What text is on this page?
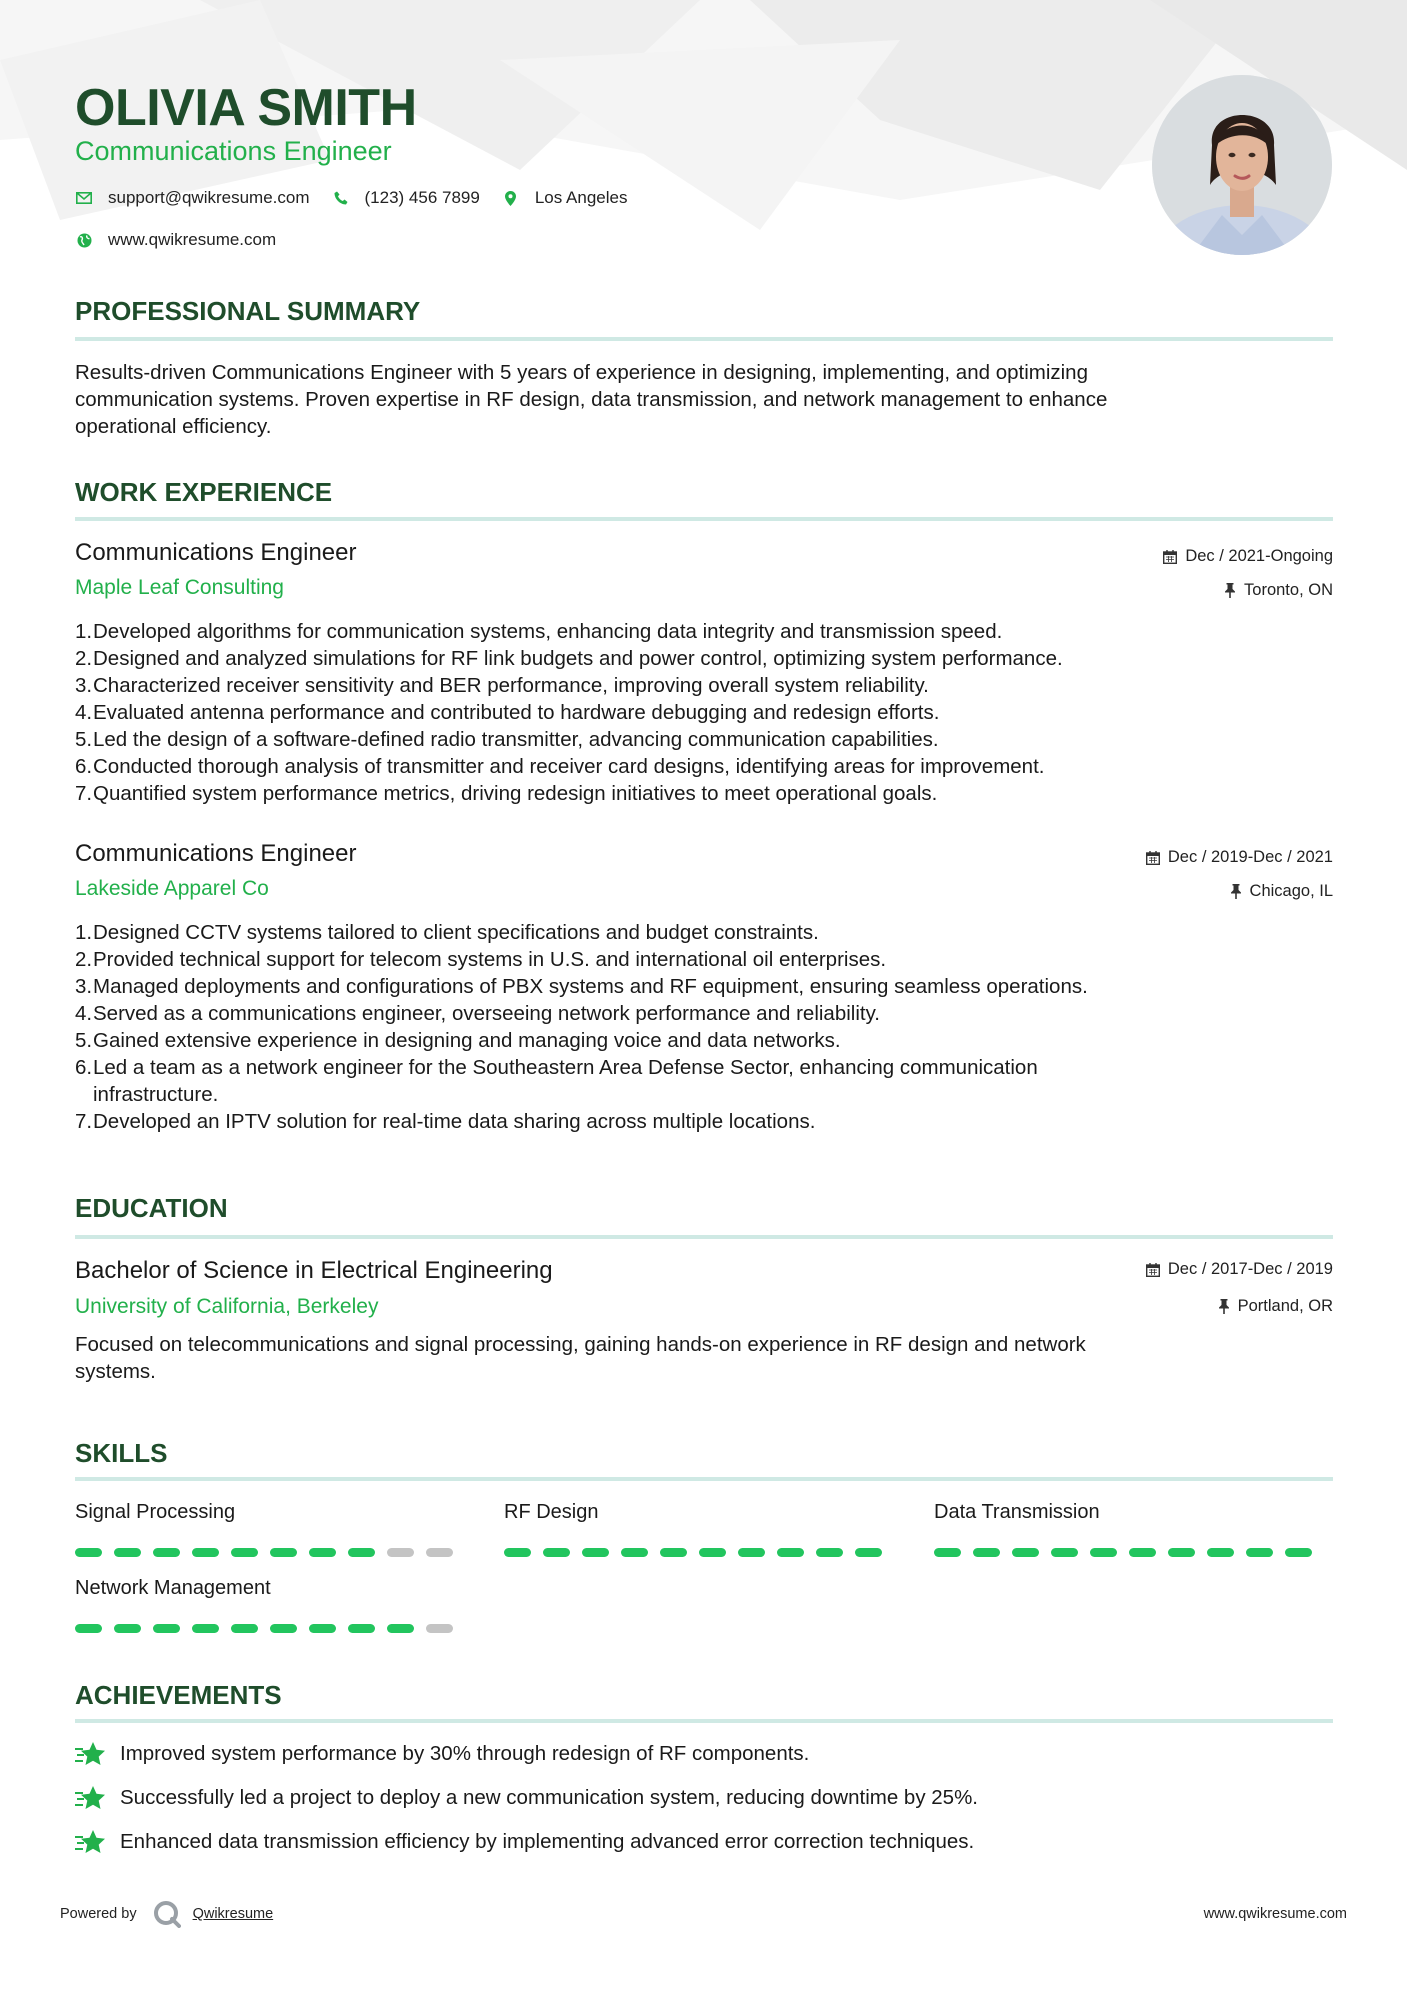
OLIVIA SMITH
Communications Engineer
support@qwikresume.com	(123) 456 7899	Los Angeles
www.qwikresume.com
PROFESSIONAL SUMMARY
Results-driven Communications Engineer with 5 years of experience in designing, implementing, and optimizing
communication systems. Proven expertise in RF design, data transmission, and network management to enhance
operational efficiency.
WORK EXPERIENCE
Communications Engineer	Dec / 2021-Ongoing
Maple Leaf Consulting	Toronto, ON
1. Developed algorithms for communication systems, enhancing data integrity and transmission speed.
2. Designed and analyzed simulations for RF link budgets and power control, optimizing system performance.
3. Characterized receiver sensitivity and BER performance, improving overall system reliability.
4. Evaluated antenna performance and contributed to hardware debugging and redesign efforts.
5. Led the design of a software-defined radio transmitter, advancing communication capabilities.
6. Conducted thorough analysis of transmitter and receiver card designs, identifying areas for improvement.
7. Quantified system performance metrics, driving redesign initiatives to meet operational goals.
Communications Engineer	Dec / 2019-Dec / 2021
Lakeside Apparel Co	Chicago, IL
1. Designed CCTV systems tailored to client specifications and budget constraints.
2. Provided technical support for telecom systems in U.S. and international oil enterprises.
3. Managed deployments and configurations of PBX systems and RF equipment, ensuring seamless operations.
4. Served as a communications engineer, overseeing network performance and reliability.
5. Gained extensive experience in designing and managing voice and data networks.
6. Led a team as a network engineer for the Southeastern Area Defense Sector, enhancing communication
infrastructure.
7. Developed an IPTV solution for real-time data sharing across multiple locations.
EDUCATION
Bachelor of Science in Electrical Engineering	Dec / 2017-Dec / 2019
University of California, Berkeley	Portland, OR
Focused on telecommunications and signal processing, gaining hands-on experience in RF design and network
systems.
SKILLS
Signal Processing	RF Design	Data Transmission
Network Management
ACHIEVEMENTS
Improved system performance by 30% through redesign of RF components.
Successfully led a project to deploy a new communication system, reducing downtime by 25%.
Enhanced data transmission efficiency by implementing advanced error correction techniques.
Powered by	Qwikresume	www.qwikresume.com
